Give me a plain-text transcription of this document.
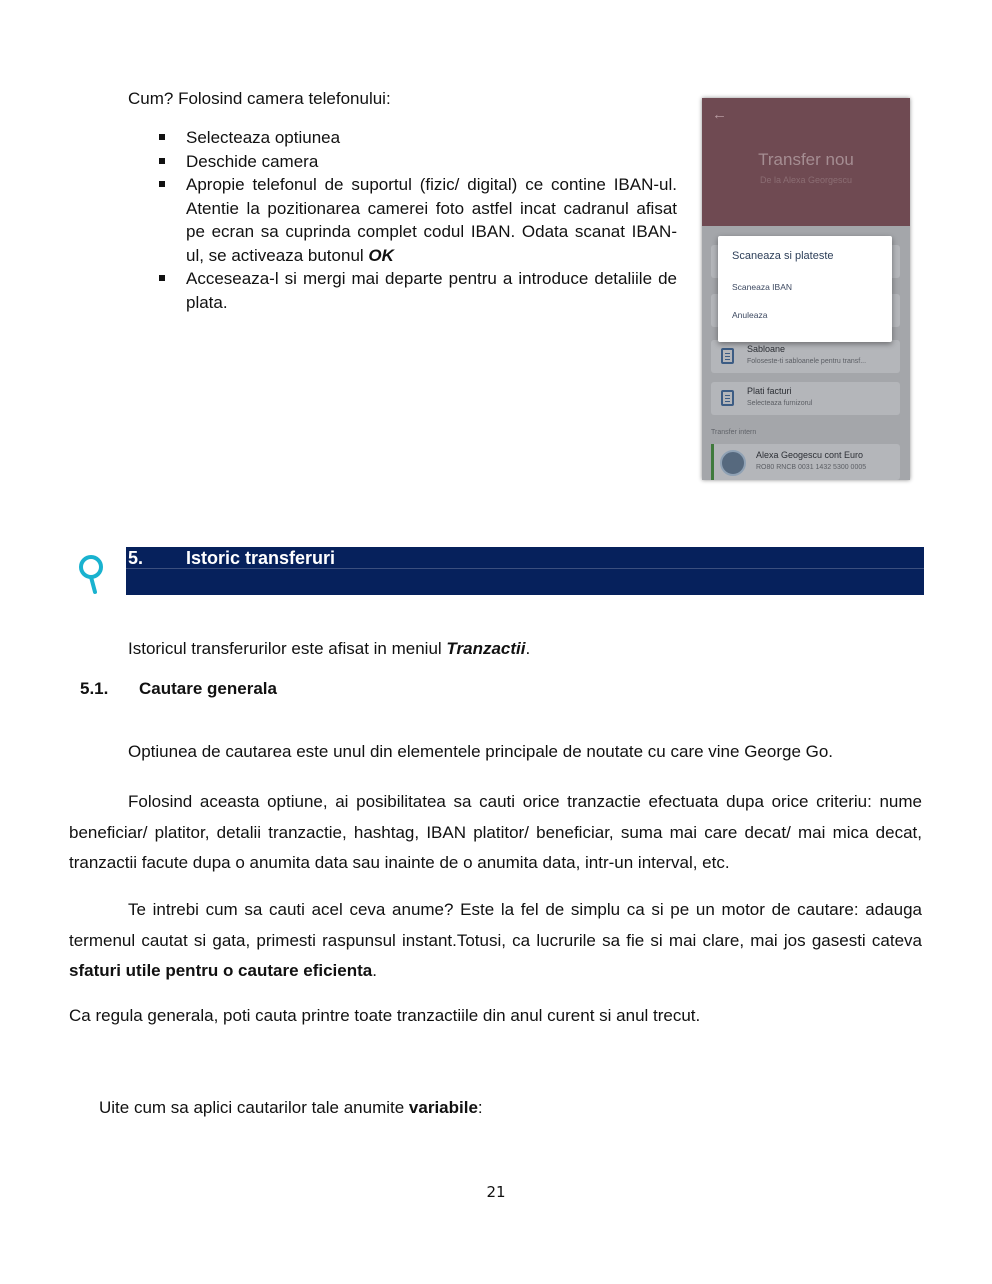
Cum? Folosind camera telefonului:
Selecteaza optiunea
Deschide camera
Apropie telefonul de suportul (fizic/ digital) ce contine IBAN-ul. Atentie la pozitionarea camerei foto astfel incat cadranul afisat pe ecran sa cuprinda complet codul IBAN. Odata scanat IBAN-ul, se activeaza butonul OK
Acceseaza-l si mergi mai departe pentru a introduce detaliile de plata.
←
Transfer nou
De la Alexa Georgescu
Sabloane
Foloseste-ti sabloanele pentru transf...
Plati facturi
Selecteaza furnizorul
Transfer intern
Alexa Geogescu cont Euro
RO80 RNCB 0031 1432 5300 0005
Scaneaza si plateste
Scaneaza IBAN
Anuleaza
5. Istoric transferuri
Istoricul transferurilor este afisat in meniul Tranzactii.
5.1. Cautare generala
Optiunea de cautarea este unul din elementele principale de noutate cu care vine George Go.
Folosind aceasta optiune, ai posibilitatea sa cauti orice tranzactie efectuata dupa orice criteriu: nume beneficiar/ platitor, detalii tranzactie, hashtag, IBAN platitor/ beneficiar, suma mai care decat/ mai mica decat, tranzactii facute dupa o anumita data sau inainte de o anumita data, intr-un interval, etc.
Te intrebi cum sa cauti acel ceva anume? Este la fel de simplu ca si pe un motor de cautare: adauga termenul cautat si gata, primesti raspunsul instant.Totusi, ca lucrurile sa fie si mai clare, mai jos gasesti cateva sfaturi utile pentru o cautare eficienta.
Ca regula generala, poti cauta printre toate tranzactiile din anul curent si anul trecut.
Uite cum sa aplici cautarilor tale anumite variabile:
21
